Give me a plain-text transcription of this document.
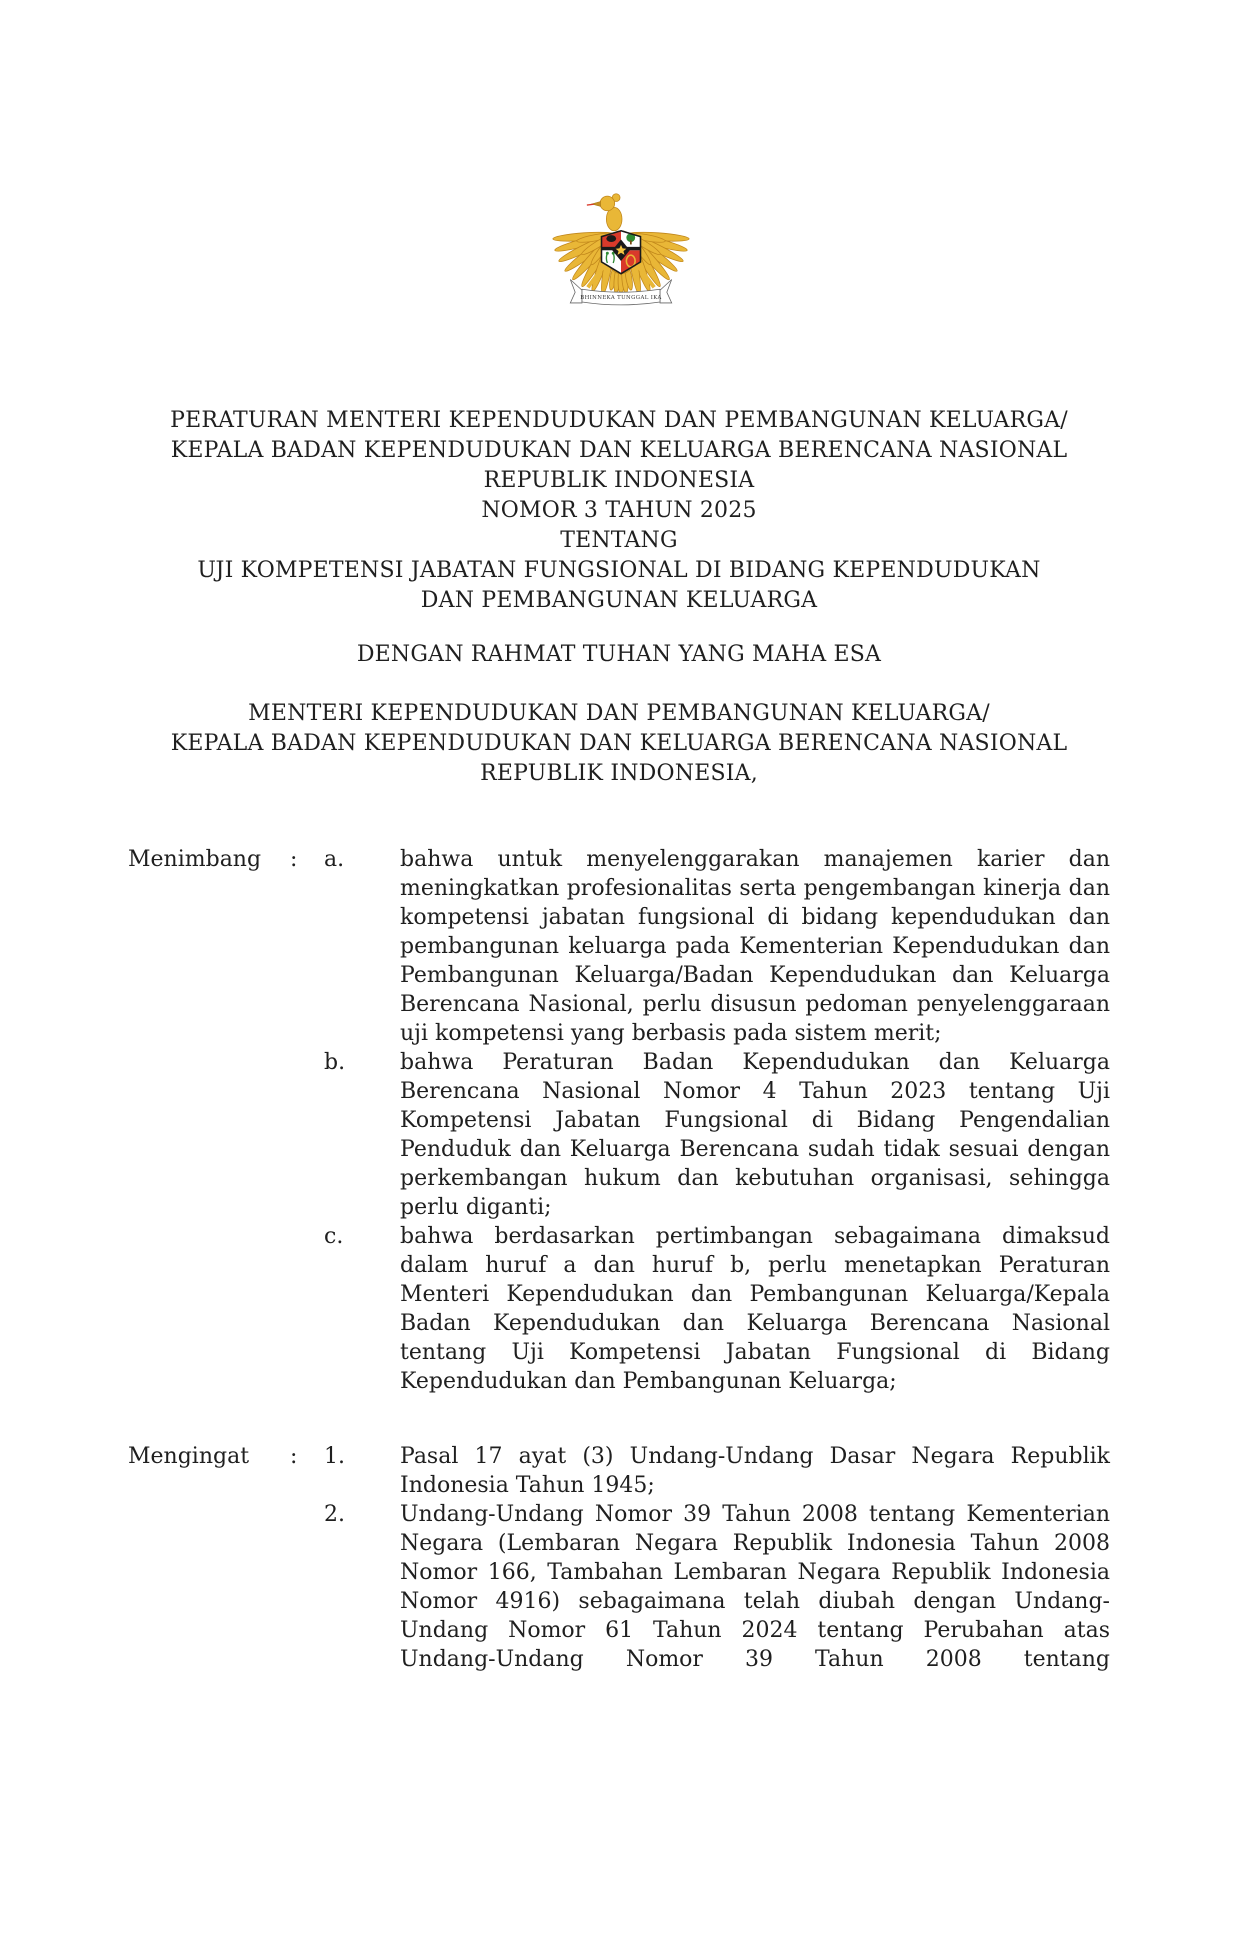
BHINNEKA TUNGGAL IKA
PERATURAN MENTERI KEPENDUDUKAN DAN PEMBANGUNAN KELUARGA/
KEPALA BADAN KEPENDUDUKAN DAN KELUARGA BERENCANA NASIONAL
REPUBLIK INDONESIA
NOMOR 3 TAHUN 2025
TENTANG
UJI KOMPETENSI JABATAN FUNGSIONAL DI BIDANG KEPENDUDUKAN
DAN PEMBANGUNAN KELUARGA
DENGAN RAHMAT TUHAN YANG MAHA ESA
MENTERI KEPENDUDUKAN DAN PEMBANGUNAN KELUARGA/
KEPALA BADAN KEPENDUDUKAN DAN KELUARGA BERENCANA NASIONAL
REPUBLIK INDONESIA,
Menimbang	:	a.	bahwa untuk menyelenggarakan manajemen karier dan meningkatkan profesionalitas serta pengembangan kinerja dan kompetensi jabatan fungsional di bidang kependudukan dan pembangunan keluarga pada Kementerian Kependudukan dan Pembangunan Keluarga/Badan Kependudukan dan Keluarga Berencana Nasional, perlu disusun pedoman penyelenggaraan uji kompetensi yang berbasis pada sistem merit;
b.	bahwa Peraturan Badan Kependudukan dan Keluarga Berencana Nasional Nomor 4 Tahun 2023 tentang Uji Kompetensi Jabatan Fungsional di Bidang Pengendalian Penduduk dan Keluarga Berencana sudah tidak sesuai dengan perkembangan hukum dan kebutuhan organisasi, sehingga perlu diganti;
c.	bahwa berdasarkan pertimbangan sebagaimana dimaksud dalam huruf a dan huruf b, perlu menetapkan Peraturan Menteri Kependudukan dan Pembangunan Keluarga/Kepala Badan Kependudukan dan Keluarga Berencana Nasional tentang Uji Kompetensi Jabatan Fungsional di Bidang Kependudukan dan Pembangunan Keluarga;
Mengingat	:	1.	Pasal 17 ayat (3) Undang-Undang Dasar Negara Republik Indonesia Tahun 1945;
2.	Undang-Undang Nomor 39 Tahun 2008 tentang Kementerian Negara (Lembaran Negara Republik Indonesia Tahun 2008 Nomor 166, Tambahan Lembaran Negara Republik Indonesia Nomor 4916) sebagaimana telah diubah dengan Undang-Undang Nomor 61 Tahun 2024 tentang Perubahan atas Undang-Undang Nomor 39 Tahun 2008 tentang
